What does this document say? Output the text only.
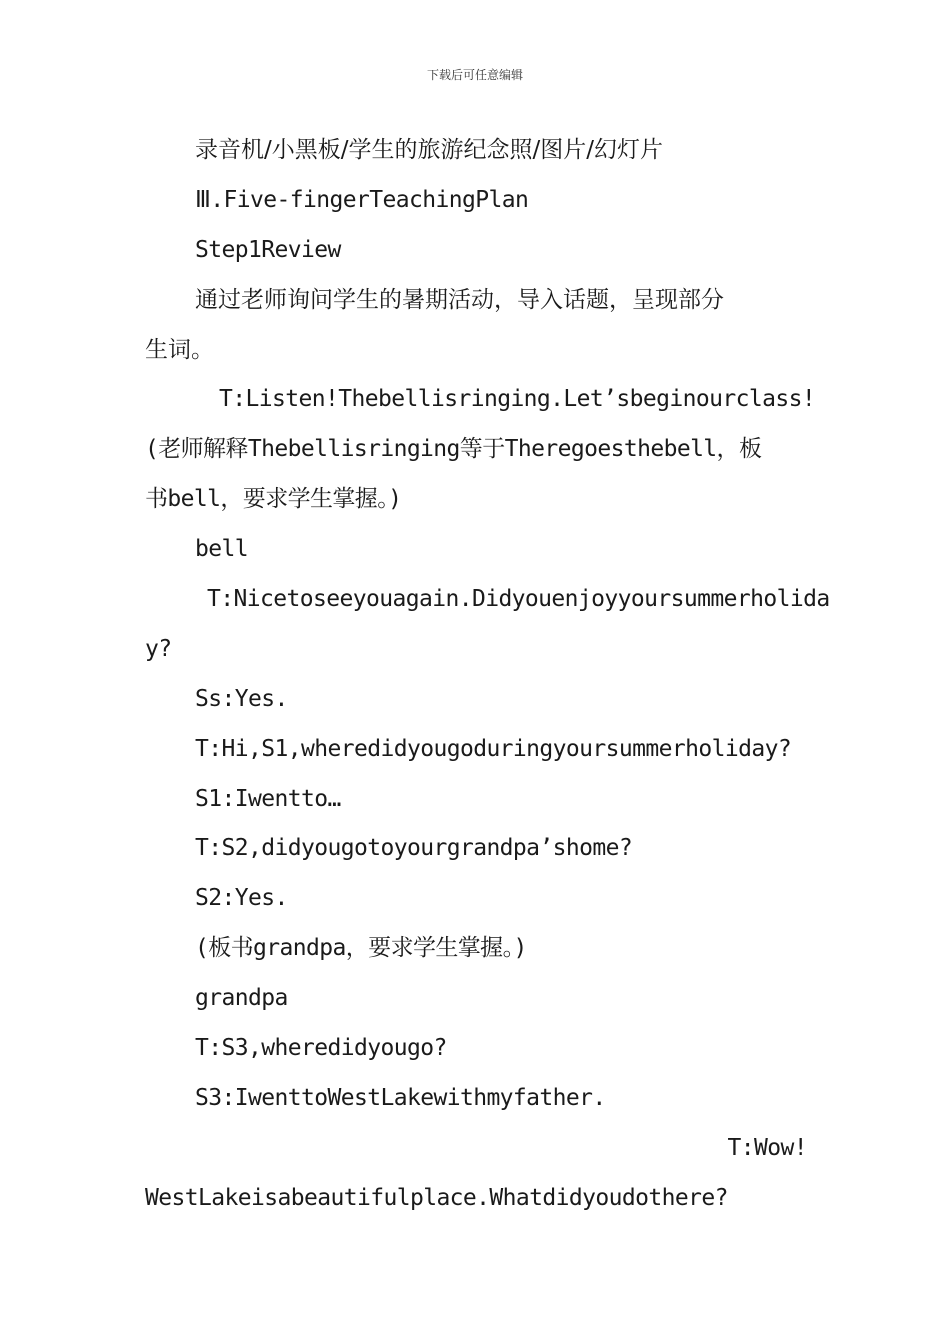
下载后可任意编辑
录音机/小黑板/学生的旅游纪念照/图片/幻灯片
Ⅲ.Five-fingerTeachingPlan
Step1Review
通过老师询问学生的暑期活动，导入话题，呈现部分
生词。
T:Listen!Thebellisringing.Let’sbeginourclass!
(老师解释Thebellisringing等于Theregoesthebell，板
书bell，要求学生掌握。)
bell
T:Nicetoseeyouagain.Didyouenjoyyoursummerholida
y?
Ss:Yes.
T:Hi,S1,wheredidyougoduringyoursummerholiday?
S1:Iwentto…
T:S2,didyougotoyourgrandpa’shome?
S2:Yes.
(板书grandpa，要求学生掌握。)
grandpa
T:S3,wheredidyougo?
S3:IwenttoWestLakewithmyfather.
T:Wow!
WestLakeisabeautifulplace.Whatdidyoudothere?
